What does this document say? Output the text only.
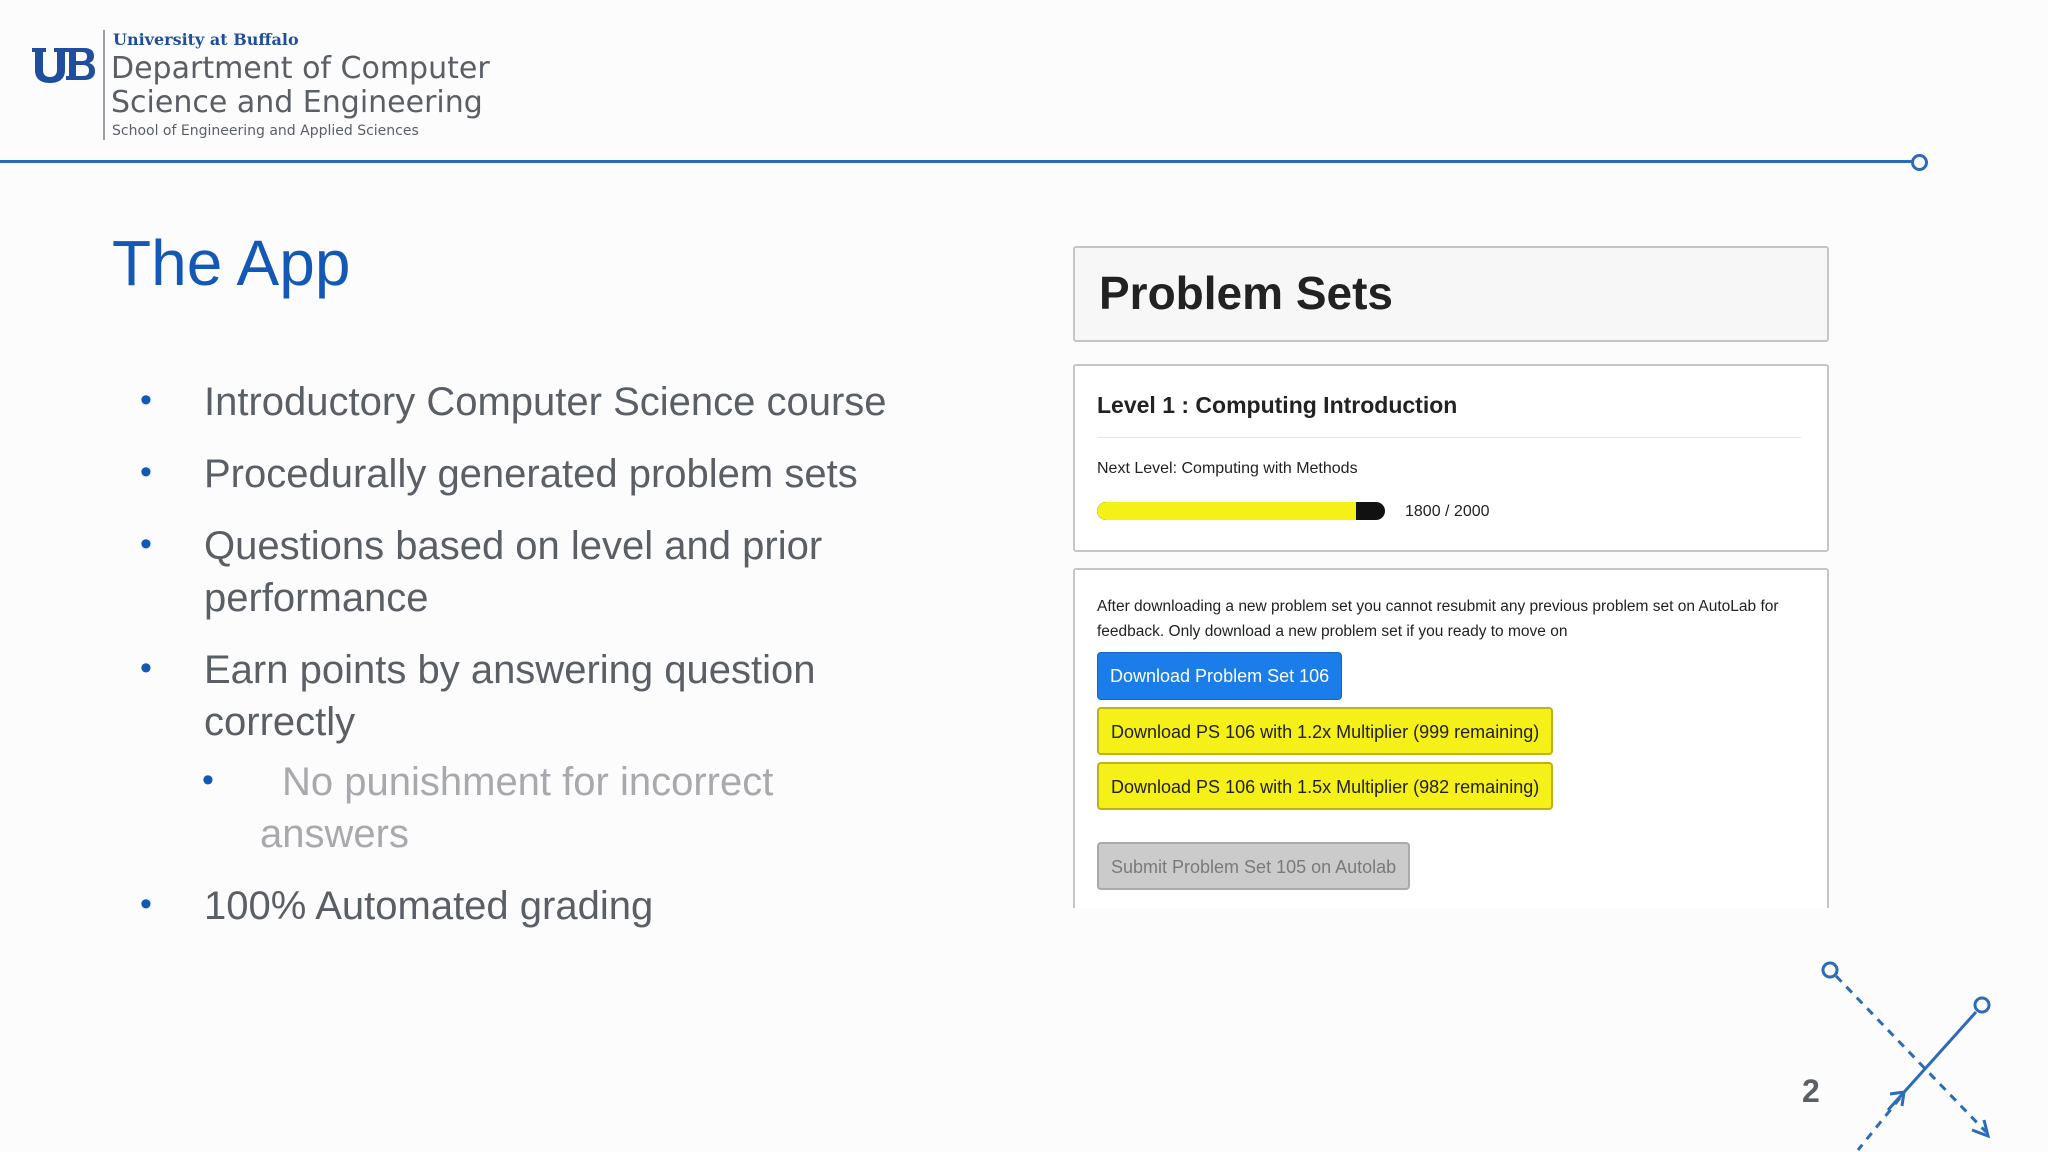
University at Buffalo
Department of Computer Science and Engineering
School of Engineering and Applied Sciences
The App
• Introductory Computer Science course
• Procedurally generated problem sets
• Questions based on level and prior performance
• Earn points by answering question correctly
• No punishment for incorrect answers
• 100% Automated grading
Problem Sets
Level 1 : Computing Introduction
Next Level: Computing with Methods
1800 / 2000
After downloading a new problem set you cannot resubmit any previous problem set on AutoLab for feedback. Only download a new problem set if you ready to move on
Download Problem Set 106
Download PS 106 with 1.2x Multiplier (999 remaining)
Download PS 106 with 1.5x Multiplier (982 remaining)
Submit Problem Set 105 on Autolab
2
